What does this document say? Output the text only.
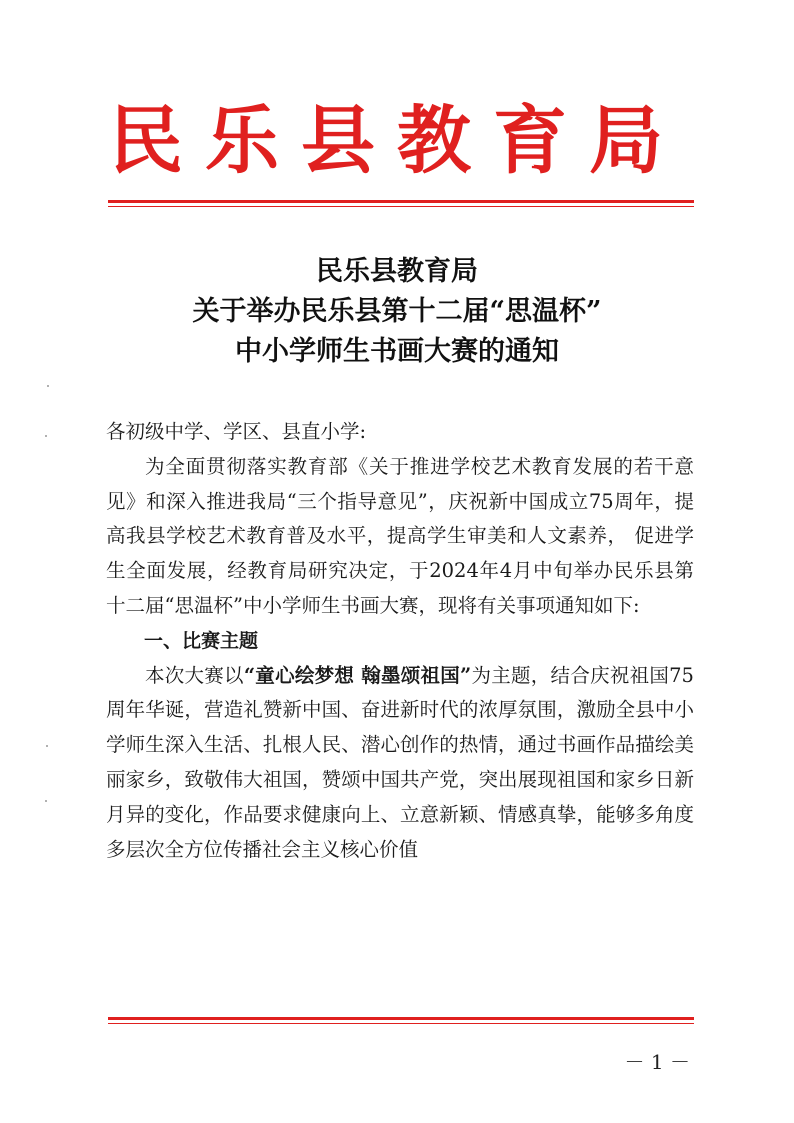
民乐县教育局
民乐县教育局
关于举办民乐县第十二届“思温杯”
中小学师生书画大赛的通知

各初级中学、学区、县直小学:

为全面贯彻落实教育部《关于推进学校艺术教育发展的若干意见》和深入推进我局“三个指导意见”，庆祝新中国成立75周年，提高我县学校艺术教育普及水平，提高学生审美和人文素养， 促进学生全面发展，经教育局研究决定，于2024年4月中旬举办民乐县第十二届“思温杯”中小学师生书画大赛，现将有关事项通知如下:

一、比赛主题

本次大赛以“童心绘梦想 翰墨颂祖国”为主题，结合庆祝祖国75周年华诞，营造礼赞新中国、奋进新时代的浓厚氛围，激励全县中小学师生深入生活、扎根人民、潜心创作的热情，通过书画作品描绘美丽家乡，致敬伟大祖国，赞颂中国共产党，突出展现祖国和家乡日新月异的变化，作品要求健康向上、立意新颖、情感真挚，能够多角度多层次全方位传播社会主义核心价值

－ 1 －
